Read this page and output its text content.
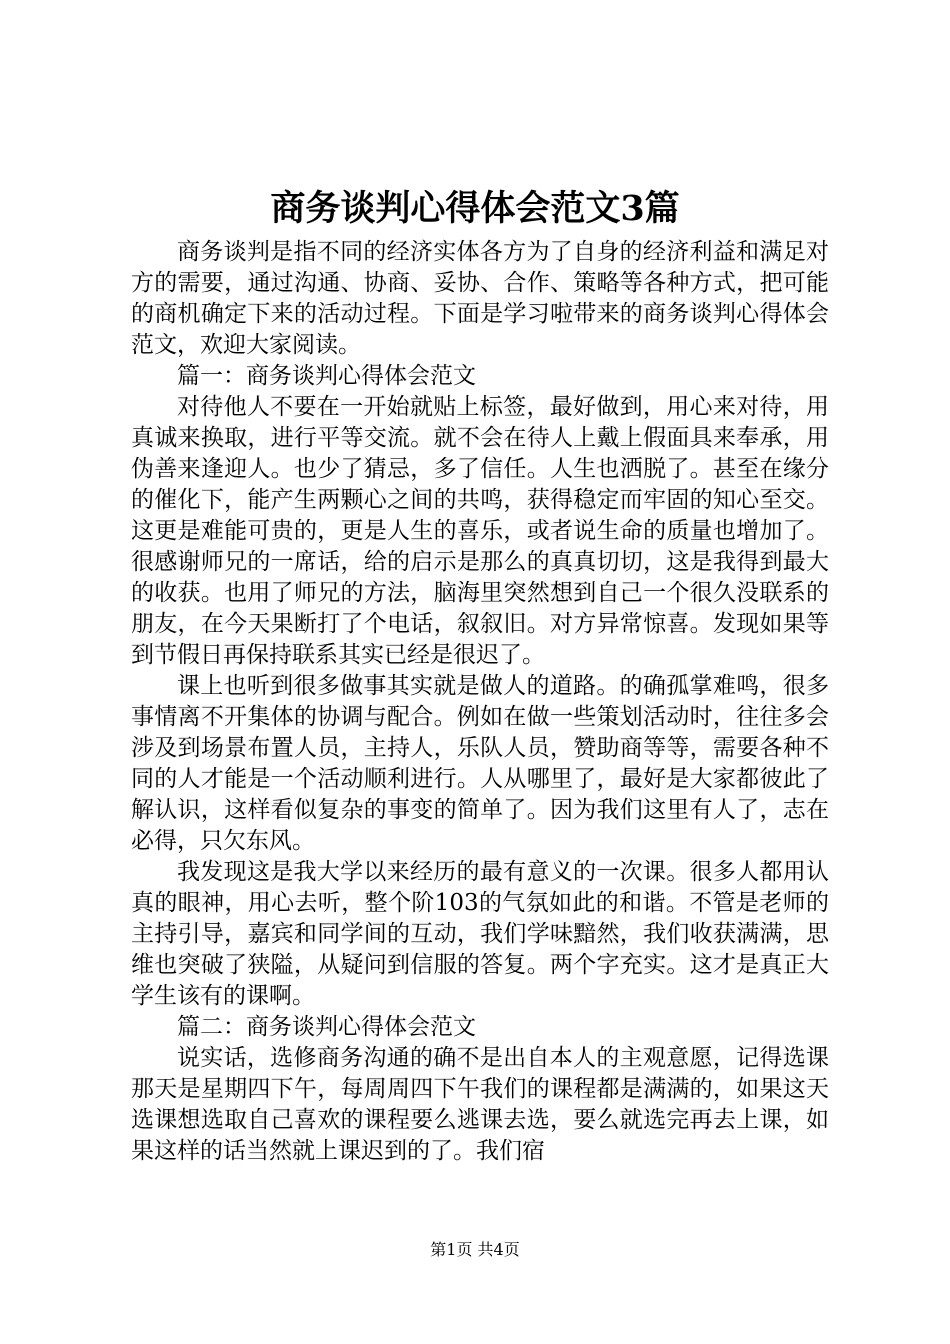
商务谈判心得体会范文3篇

商务谈判是指不同的经济实体各方为了自身的经济利益和满足对方的需要，通过沟通、协商、妥协、合作、策略等各种方式，把可能的商机确定下来的活动过程。下面是学习啦带来的商务谈判心得体会范文，欢迎大家阅读。

篇一：商务谈判心得体会范文

对待他人不要在一开始就贴上标签，最好做到，用心来对待，用真诚来换取，进行平等交流。就不会在待人上戴上假面具来奉承，用伪善来逢迎人。也少了猜忌，多了信任。人生也洒脱了。甚至在缘分的催化下，能产生两颗心之间的共鸣，获得稳定而牢固的知心至交。这更是难能可贵的，更是人生的喜乐，或者说生命的质量也增加了。很感谢师兄的一席话，给的启示是那么的真真切切，这是我得到最大的收获。也用了师兄的方法，脑海里突然想到自己一个很久没联系的朋友，在今天果断打了个电话，叙叙旧。对方异常惊喜。发现如果等到节假日再保持联系其实已经是很迟了。

课上也听到很多做事其实就是做人的道路。的确孤掌难鸣，很多事情离不开集体的协调与配合。例如在做一些策划活动时，往往多会涉及到场景布置人员，主持人，乐队人员，赞助商等等，需要各种不同的人才能是一个活动顺利进行。人从哪里了，最好是大家都彼此了解认识，这样看似复杂的事变的简单了。因为我们这里有人了，志在必得，只欠东风。

我发现这是我大学以来经历的最有意义的一次课。很多人都用认真的眼神，用心去听，整个阶103的气氛如此的和谐。不管是老师的主持引导，嘉宾和同学间的互动，我们学味黯然，我们收获满满，思维也突破了狭隘，从疑问到信服的答复。两个字充实。这才是真正大学生该有的课啊。

篇二：商务谈判心得体会范文

说实话，选修商务沟通的确不是出自本人的主观意愿，记得选课那天是星期四下午，每周周四下午我们的课程都是满满的，如果这天选课想选取自己喜欢的课程要么逃课去选，要么就选完再去上课，如果这样的话当然就上课迟到的了。我们宿

第1页 共4页
